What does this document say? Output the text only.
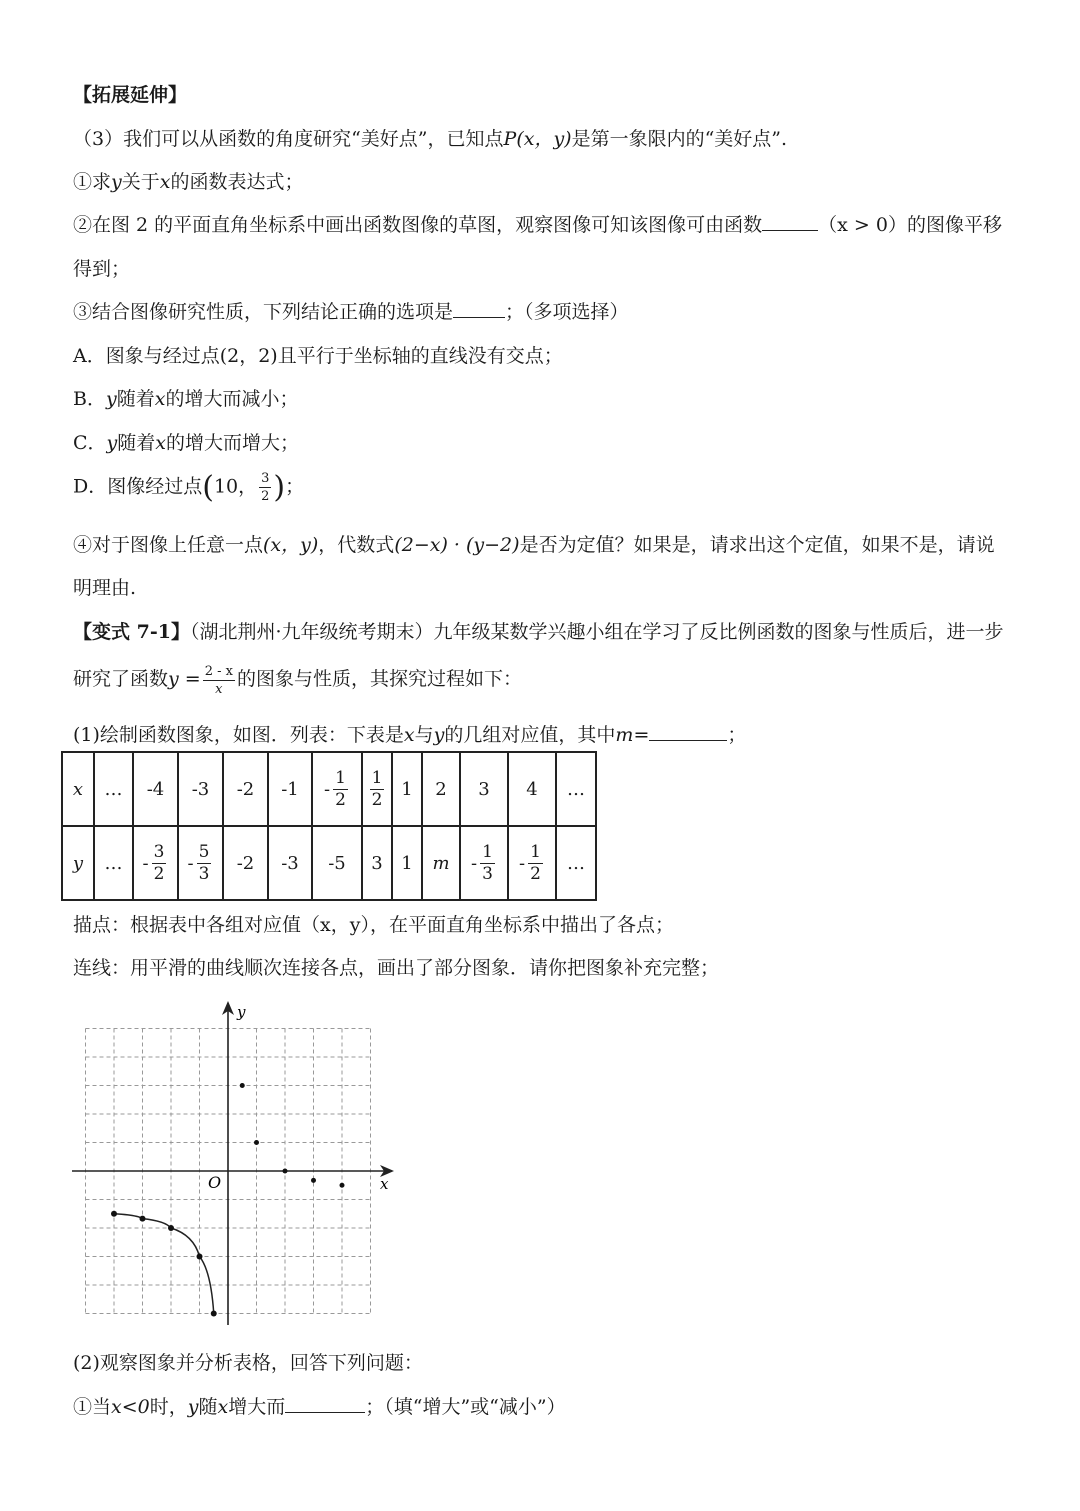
【拓展延伸】
（3）我们可以从函数的角度研究“美好点”，已知点P(x，y)是第一象限内的“美好点”.
①求y关于x的函数表达式；
②在图 2 的平面直角坐标系中画出函数图像的草图，观察图像可知该图像可由函数	（x > 0）的图像平移
得到；
③结合图像研究性质，下列结论正确的选项是	；（多项选择）
A．图象与经过点(2，2)且平行于坐标轴的直线没有交点；
B．y随着x的增大而减小；
C．y随着x的增大而增大；
D．图像经过点(10， $\frac{3}{2}$ )；
④对于图像上任意一点(x，y)，代数式(2−x) · (y−2)是否为定值？如果是，请求出这个定值，如果不是，请说
明理由.
【变式 7-1】（湖北荆州·九年级统考期末）九年级某数学兴趣小组在学习了反比例函数的图象与性质后，进一步
研究了函数$y = \frac{2 - x}{x}$ 的图象与性质，其探究过程如下：
(1)绘制函数图象，如图．列表：下表是x与y的几组对应值，其中m=	；
x	…	-4	-3	-2	-1	- $\frac{1}{2}$	$\frac{1}{2}$	1	2	3	4	…
y	…	- $\frac{3}{2}$	- $\frac{5}{3}$	-2	-3	-5	3	1	m	- $\frac{1}{3}$	- $\frac{1}{2}$	…
描点：根据表中各组对应值（x，y），在平面直角坐标系中描出了各点；
连线：用平滑的曲线顺次连接各点，画出了部分图象．请你把图象补充完整；
x
y
O
(2)观察图象并分析表格，回答下列问题：
①当x<0时，y随x增大而	；（填“增大”或“减小”）
